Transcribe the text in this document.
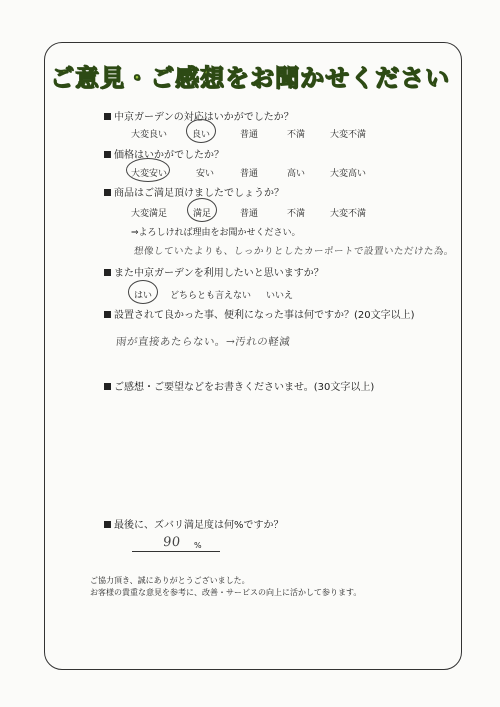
ご意見・ご感想をお聞かせください
中京ガーデンの対応はいかがでしたか？
大変良い	良い	普通	不満	大変不満
価格はいかがでしたか？
大変安い	安い	普通	高い	大変高い
商品はご満足頂けましたでしょうか？
大変満足	満足	普通	不満	大変不満
⇒よろしければ理由をお聞かせください。
想像していたよりも、しっかりとしたカーポートで設置いただけた為。
また中京ガーデンを利用したいと思いますか？
はい どちらとも言えない いいえ
設置されて良かった事、便利になった事は何ですか？(20文字以上)
雨が直接あたらない。→汚れの軽減
ご感想・ご要望などをお書きくださいませ。(30文字以上)
最後に、ズバリ満足度は何%ですか？
90 %
ご協力頂き、誠にありがとうございました。
お客様の貴重な意見を参考に、改善・サービスの向上に活かして参ります。
